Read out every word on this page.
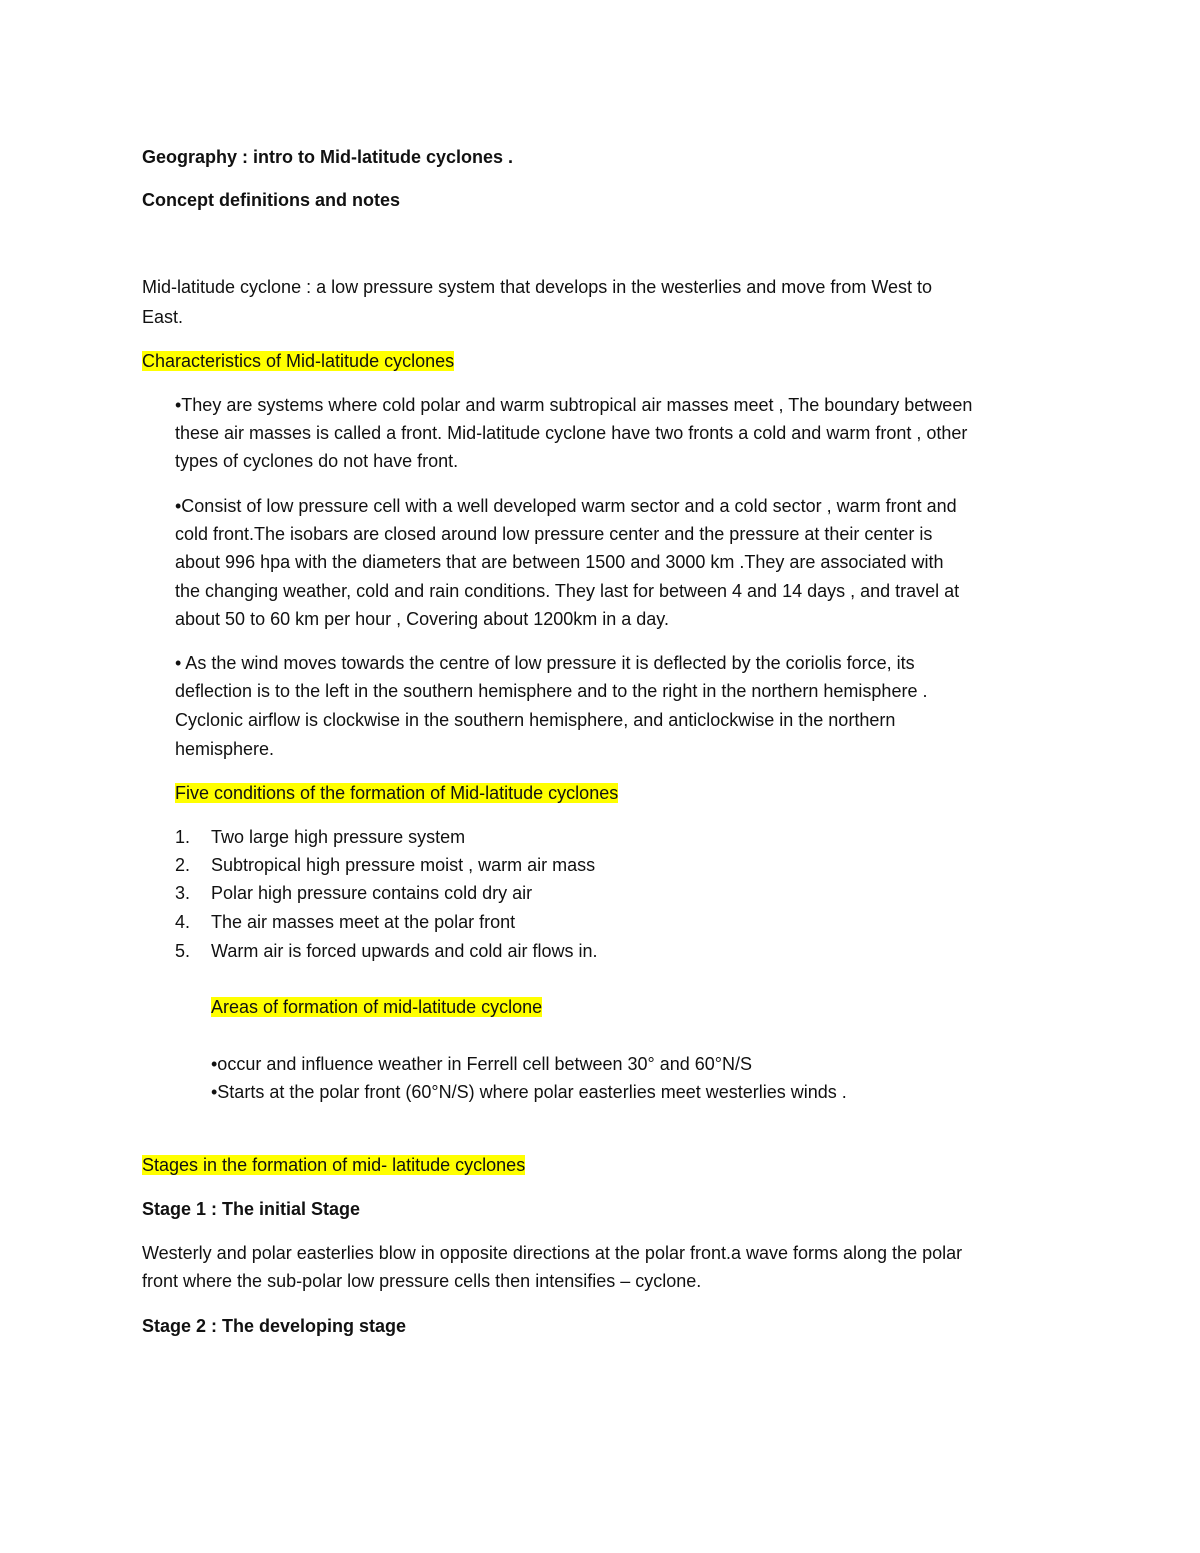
Geography : intro to Mid-latitude cyclones .
Concept definitions and notes
Mid-latitude cyclone : a low pressure system that develops in the westerlies and move from West to
East.
Characteristics of Mid-latitude cyclones
•They are systems where cold polar and warm subtropical air masses meet , The boundary between
these air masses is called a front. Mid-latitude cyclone have two fronts a cold and warm front , other
types of cyclones do not have front.
•Consist of low pressure cell with a well developed warm sector and a cold sector , warm front and
cold front.The isobars are closed around low pressure center and the pressure at their center is
about 996 hpa with the diameters that are between 1500 and 3000 km .They are associated with
the changing weather, cold and rain conditions. They last for between 4 and 14 days , and travel at
about 50 to 60 km per hour , Covering about 1200km in a day.
• As the wind moves towards the centre of low pressure it is deflected by the coriolis force, its
deflection is to the left in the southern hemisphere and to the right in the northern hemisphere .
Cyclonic airflow is clockwise in the southern hemisphere, and anticlockwise in the northern
hemisphere.
Five conditions of the formation of Mid-latitude cyclones
1. Two large high pressure system
2. Subtropical high pressure moist , warm air mass
3. Polar high pressure contains cold dry air
4. The air masses meet at the polar front
5. Warm air is forced upwards and cold air flows in.
Areas of formation of mid-latitude cyclone
•occur and influence weather in Ferrell cell between 30° and 60°N/S
•Starts at the polar front (60°N/S) where polar easterlies meet westerlies winds .
Stages in the formation of mid- latitude cyclones
Stage 1 : The initial Stage
Westerly and polar easterlies blow in opposite directions at the polar front.a wave forms along the polar
front where the sub-polar low pressure cells then intensifies – cyclone.
Stage 2 : The developing stage
